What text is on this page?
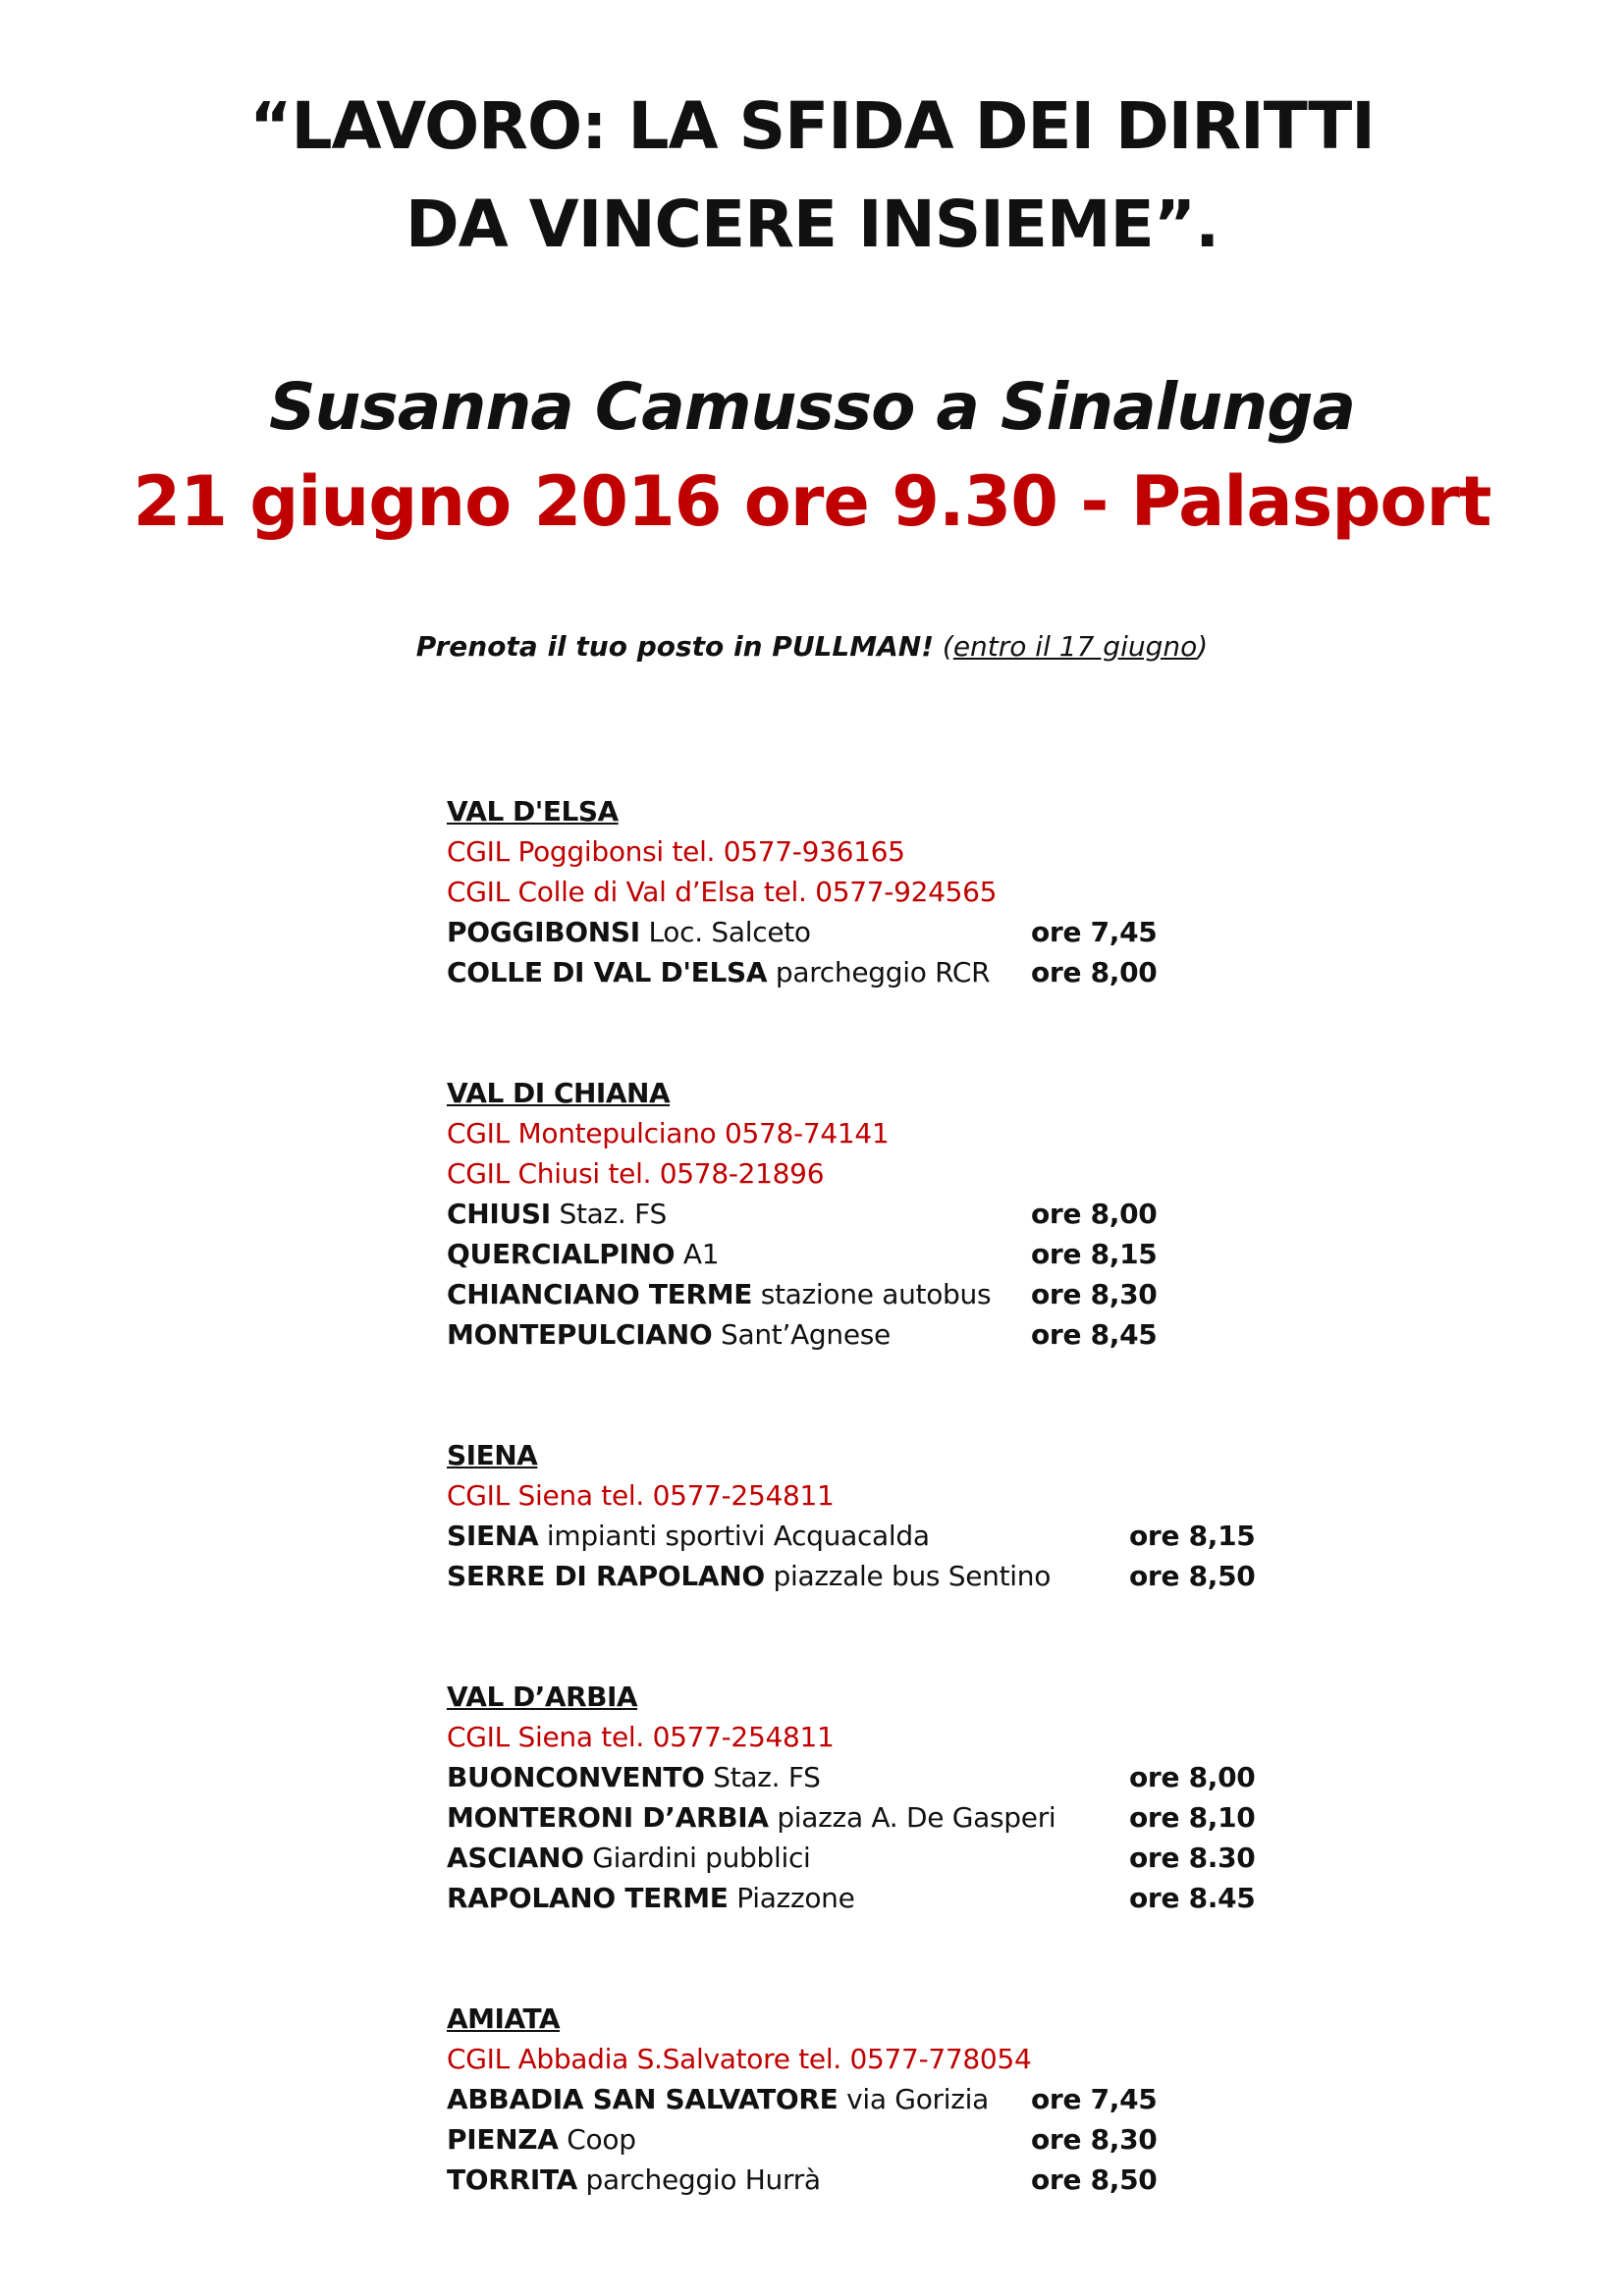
“LAVORO: LA SFIDA DEI DIRITTI
DA VINCERE INSIEME”.
Susanna Camusso a Sinalunga
21 giugno 2016 ore 9.30 - Palasport
Prenota il tuo posto in PULLMAN! (entro il 17 giugno)
VAL D'ELSA
CGIL Poggibonsi tel. 0577-936165
CGIL Colle di Val d’Elsa tel. 0577-924565
POGGIBONSI Loc. Salceto	ore 7,45
COLLE DI VAL D'ELSA parcheggio RCR ore 8,00
VAL DI CHIANA
CGIL Montepulciano 0578-74141
CGIL Chiusi tel. 0578-21896
CHIUSI Staz. FS	ore 8,00
QUERCIALPINO A1	ore 8,15
CHIANCIANO TERME stazione autobus ore 8,30
MONTEPULCIANO Sant’Agnese	ore 8,45
SIENA
CGIL Siena tel. 0577-254811
SIENA impianti sportivi Acquacalda	ore 8,15
SERRE DI RAPOLANO piazzale bus Sentino	ore 8,50
VAL D’ARBIA
CGIL Siena tel. 0577-254811
BUONCONVENTO Staz. FS	ore 8,00
MONTERONI D’ARBIA piazza A. De Gasperi	ore 8,10
ASCIANO Giardini pubblici	ore 8.30
RAPOLANO TERME Piazzone	ore 8.45
AMIATA
CGIL Abbadia S.Salvatore tel. 0577-778054
ABBADIA SAN SALVATORE via Gorizia ore 7,45
PIENZA Coop	ore 8,30
TORRITA parcheggio Hurrà	ore 8,50
